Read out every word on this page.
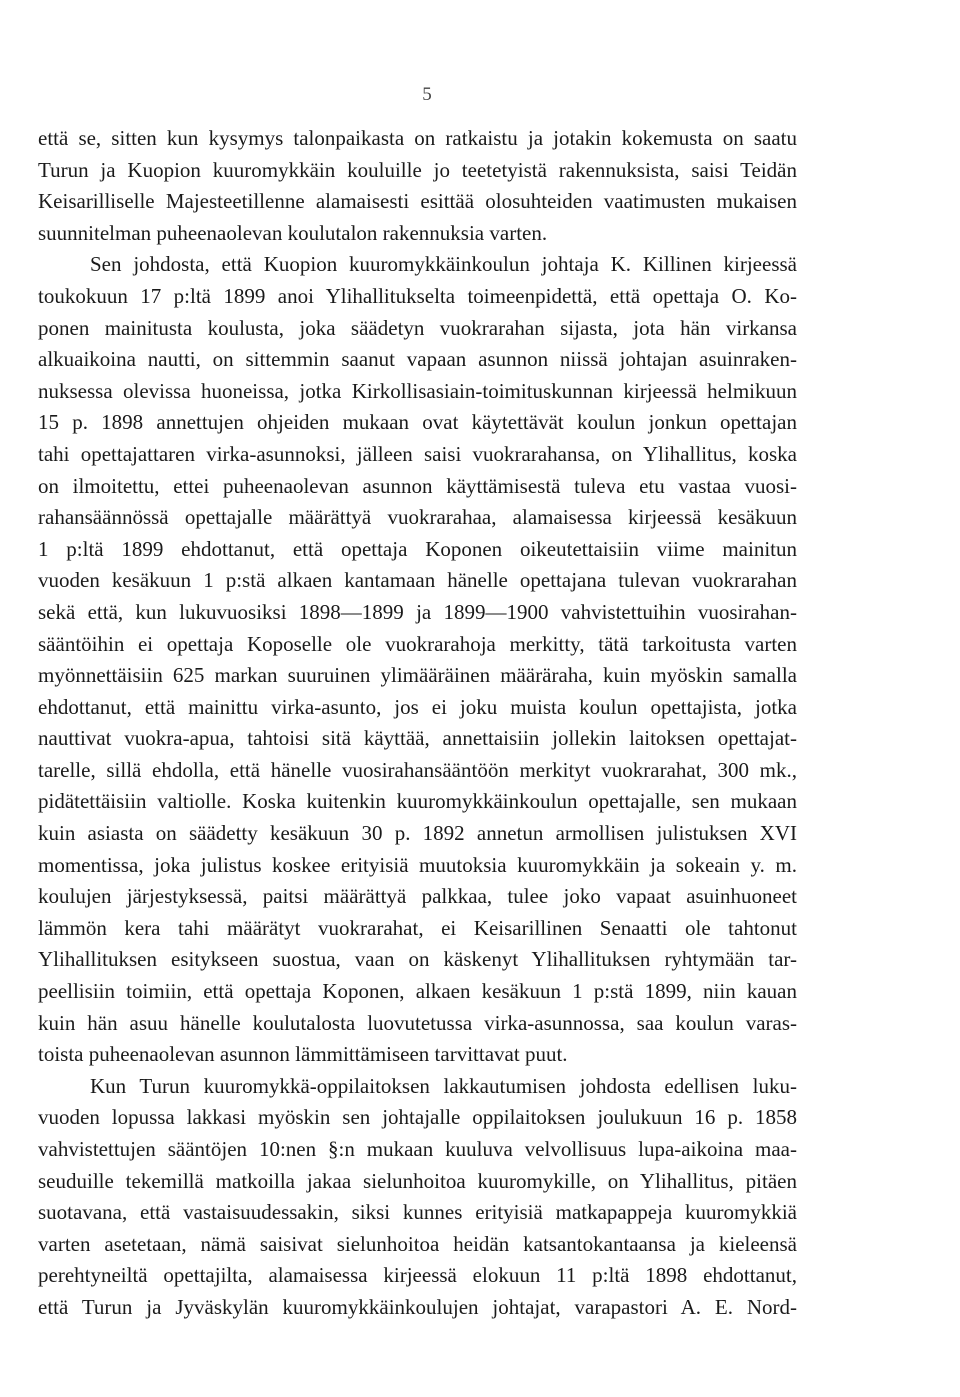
5
että se, sitten kun kysymys talonpaikasta on ratkaistu ja jotakin kokemusta on saatu
Turun ja Kuopion kuuromykkäin kouluille jo teetetyistä rakennuksista, saisi Teidän
Keisarilliselle Majesteetillenne alamaisesti esittää olosuhteiden vaatimusten mukaisen
suunnitelman puheenaolevan koulutalon rakennuksia varten.
Sen johdosta, että Kuopion kuuromykkäinkoulun johtaja K. Killinen kirjeessä
toukokuun 17 p:ltä 1899 anoi Ylihallitukselta toimeenpidettä, että opettaja O. Ko-
ponen mainitusta koulusta, joka säädetyn vuokrarahan sijasta, jota hän virkansa
alkuaikoina nautti, on sittemmin saanut vapaan asunnon niissä johtajan asuinraken-
nuksessa olevissa huoneissa, jotka Kirkollisasiain-toimituskunnan kirjeessä helmikuun
15 p. 1898 annettujen ohjeiden mukaan ovat käytettävät koulun jonkun opettajan
tahi opettajattaren virka-asunnoksi, jälleen saisi vuokrarahansa, on Ylihallitus, koska
on ilmoitettu, ettei puheenaolevan asunnon käyttämisestä tuleva etu vastaa vuosi-
rahansäännössä opettajalle määrättyä vuokrarahaa, alamaisessa kirjeessä kesäkuun
1 p:ltä 1899 ehdottanut, että opettaja Koponen oikeutettaisiin viime mainitun
vuoden kesäkuun 1 p:stä alkaen kantamaan hänelle opettajana tulevan vuokrarahan
sekä että, kun lukuvuosiksi 1898—1899 ja 1899—1900 vahvistettuihin vuosirahan-
sääntöihin ei opettaja Koposelle ole vuokrarahoja merkitty, tätä tarkoitusta varten
myönnettäisiin 625 markan suuruinen ylimääräinen määräraha, kuin myöskin samalla
ehdottanut, että mainittu virka-asunto, jos ei joku muista koulun opettajista, jotka
nauttivat vuokra-apua, tahtoisi sitä käyttää, annettaisiin jollekin laitoksen opettajat-
tarelle, sillä ehdolla, että hänelle vuosirahansääntöön merkityt vuokrarahat, 300 mk.,
pidätettäisiin valtiolle. Koska kuitenkin kuuromykkäinkoulun opettajalle, sen mukaan
kuin asiasta on säädetty kesäkuun 30 p. 1892 annetun armollisen julistuksen XVI
momentissa, joka julistus koskee erityisiä muutoksia kuuromykkäin ja sokeain y. m.
koulujen järjestyksessä, paitsi määrättyä palkkaa, tulee joko vapaat asuinhuoneet
lämmön kera tahi määrätyt vuokrarahat, ei Keisarillinen Senaatti ole tahtonut
Ylihallituksen esitykseen suostua, vaan on käskenyt Ylihallituksen ryhtymään tar-
peellisiin toimiin, että opettaja Koponen, alkaen kesäkuun 1 p:stä 1899, niin kauan
kuin hän asuu hänelle koulutalosta luovutetussa virka-asunnossa, saa koulun varas-
toista puheenaolevan asunnon lämmittämiseen tarvittavat puut.
Kun Turun kuuromykkä-oppilaitoksen lakkautumisen johdosta edellisen luku-
vuoden lopussa lakkasi myöskin sen johtajalle oppilaitoksen joulukuun 16 p. 1858
vahvistettujen sääntöjen 10:nen §:n mukaan kuuluva velvollisuus lupa-aikoina maa-
seuduille tekemillä matkoilla jakaa sielunhoitoa kuuromykille, on Ylihallitus, pitäen
suotavana, että vastaisuudessakin, siksi kunnes erityisiä matkapappeja kuuromykkiä
varten asetetaan, nämä saisivat sielunhoitoa heidän katsantokantaansa ja kieleensä
perehtyneiltä opettajilta, alamaisessa kirjeessä elokuun 11 p:ltä 1898 ehdottanut,
että Turun ja Jyväskylän kuuromykkäinkoulujen johtajat, varapastori A. E. Nord-
